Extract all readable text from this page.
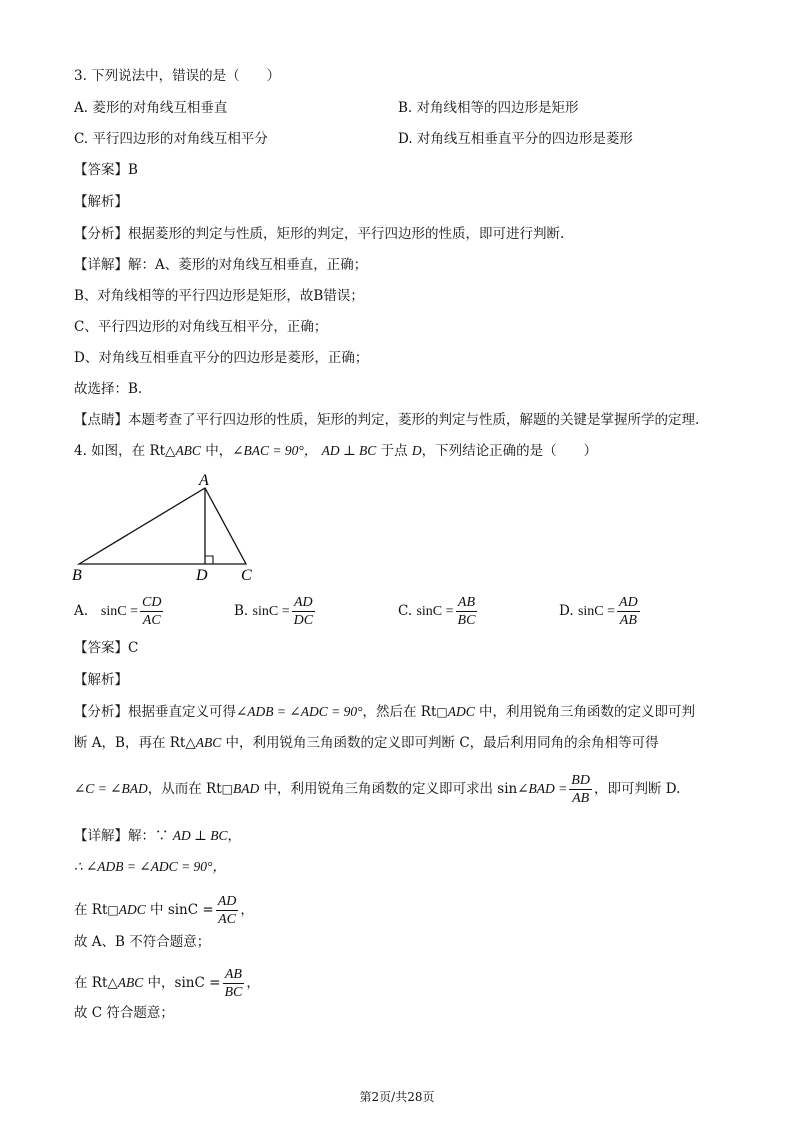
3. 下列说法中，错误的是（　　）
A. 菱形的对角线互相垂直	B. 对角线相等的四边形是矩形
C. 平行四边形的对角线互相平分	D. 对角线互相垂直平分的四边形是菱形
【答案】B
【解析】
【分析】根据菱形的判定与性质，矩形的判定，平行四边形的性质，即可进行判断.
【详解】解：A、菱形的对角线互相垂直，正确；
B、对角线相等的平行四边形是矩形，故B错误；
C、平行四边形的对角线互相平分，正确；
D、对角线互相垂直平分的四边形是菱形，正确；
故选择：B.
【点睛】本题考查了平行四边形的性质，矩形的判定，菱形的判定与性质，解题的关键是掌握所学的定理.
4. 如图，在 Rt△ABC 中，∠BAC = 90°， AD ⊥ BC 于点 D，下列结论正确的是（　　）
A
B	C
D
A. $\sin C = \frac{CD}{AC}$	B. $\sin C = \frac{AD}{DC}$	C. $\sin C = \frac{AB}{BC}$	D. $\sin C = \frac{AD}{AB}$
【答案】C
【解析】
【分析】根据垂直定义可得∠ADB = ∠ADC = 90°，然后在 Rt□ADC 中，利用锐角三角函数的定义即可判
断 A，B，再在 Rt△ABC 中，利用锐角三角函数的定义即可判断 C，最后利用同角的余角相等可得
∠C = ∠BAD，从而在 Rt□BAD 中，利用锐角三角函数的定义即可求出 sin∠BAD = $\frac{BD}{AB}$ ，即可判断 D.
【详解】解：∵ AD ⊥ BC，
∴ ∠ADB = ∠ADC = 90°，
在 Rt□ADC 中 $\sin C = \frac{AD}{AC}$ ，
故 A、B 不符合题意；
在 Rt△ABC 中，$\sin C = \frac{AB}{BC}$ ，
故 C 符合题意；
第2页/共28页
